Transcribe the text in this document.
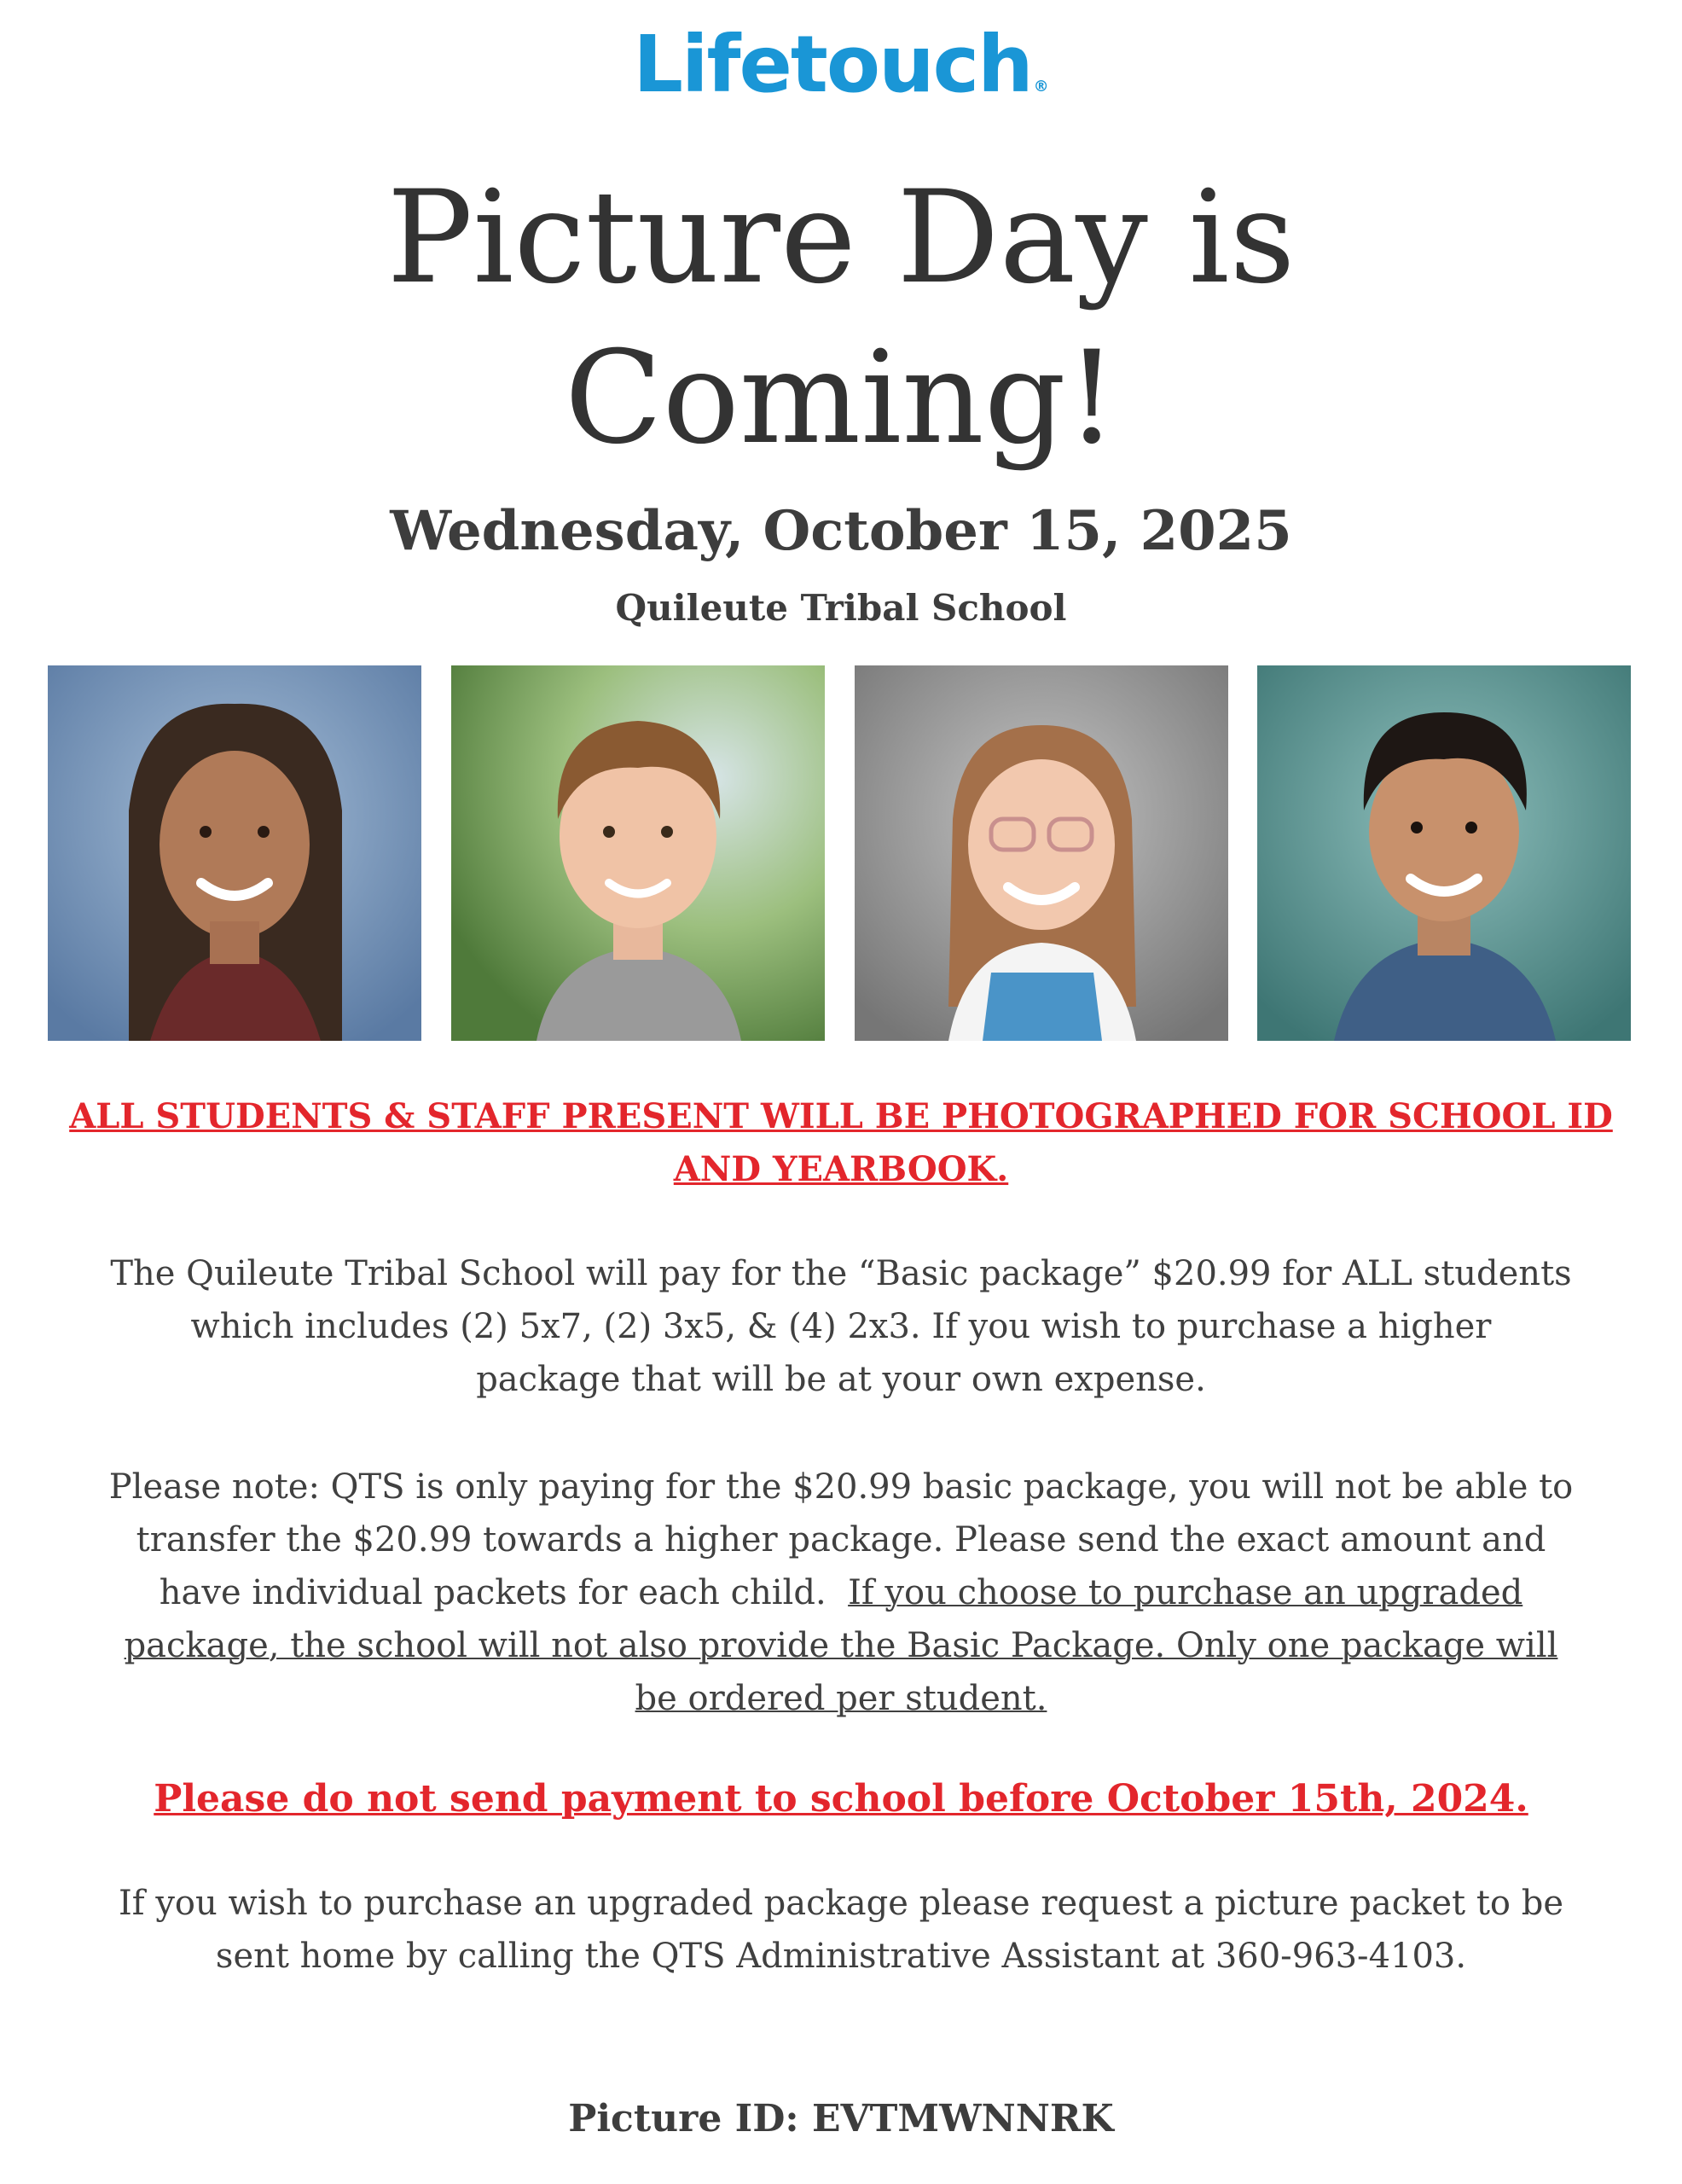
Lifetouch ®
Picture Day is
Coming!
Wednesday, October 15, 2025
Quileute Tribal School
ALL STUDENTS & STAFF PRESENT WILL BE PHOTOGRAPHED FOR SCHOOL ID
AND YEARBOOK.
The Quileute Tribal School will pay for the “Basic package” $20.99 for ALL students
which includes (2) 5x7, (2) 3x5, & (4) 2x3. If you wish to purchase a higher
package that will be at your own expense.
Please note: QTS is only paying for the $20.99 basic package, you will not be able to
transfer the $20.99 towards a higher package. Please send the exact amount and
have individual packets for each child.  If you choose to purchase an upgraded
package, the school will not also provide the Basic Package. Only one package will
be ordered per student.
Please do not send payment to school before October 15th, 2024.
If you wish to purchase an upgraded package please request a picture packet to be
sent home by calling the QTS Administrative Assistant at 360-963-4103.
Picture ID: EVTMWNNRK
